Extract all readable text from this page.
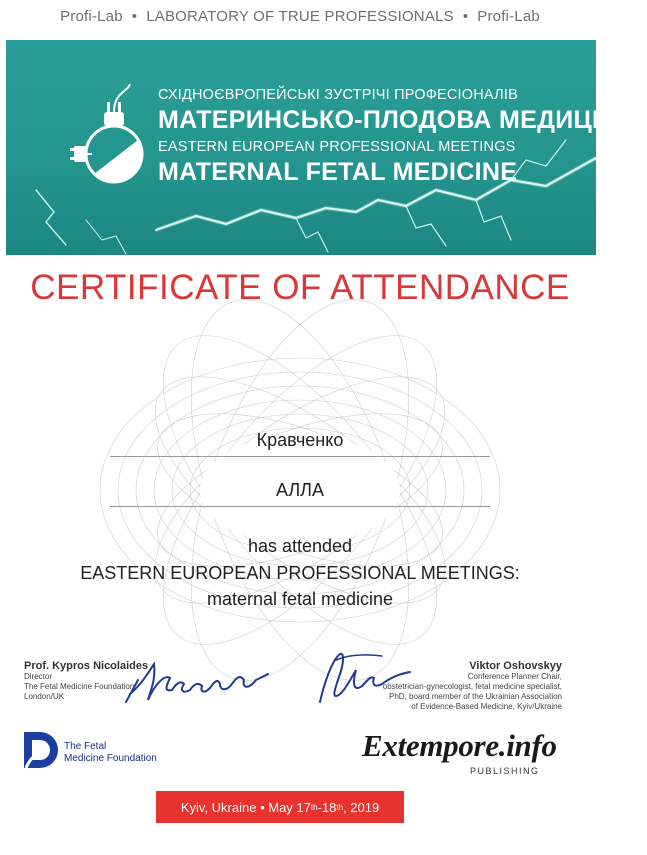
Profi-Lab • LABORATORY OF TRUE PROFESSIONALS • Profi-Lab
СХІДНОЄВРОПЕЙСЬКІ ЗУСТРІЧІ ПРОФЕСІОНАЛІВ
МАТЕРИНСЬКО-ПЛОДОВА МЕДИЦИНА
EASTERN EUROPEAN PROFESSIONAL MEETINGS
MATERNAL FETAL MEDICINE
CERTIFICATE OF ATTENDANCE
Кравченко
АЛЛА
has attended
EASTERN EUROPEAN PROFESSIONAL MEETINGS:
maternal fetal medicine
Prof. Kypros Nicolaides
Director
The Fetal Medicine Foundation
London/UK
Viktor Oshovskyy
Conference Planner Chair,
obstetrician-gynecologist, fetal medicine specialist,
PhD, board member of the Ukrainian Association
of Evidence-Based Medicine, Kyiv/Ukraine
The Fetal
Medicine Foundation	Extempore.info
PUBLISHING
Kyiv, Ukraine
•
May 17 th -18 th , 2019
